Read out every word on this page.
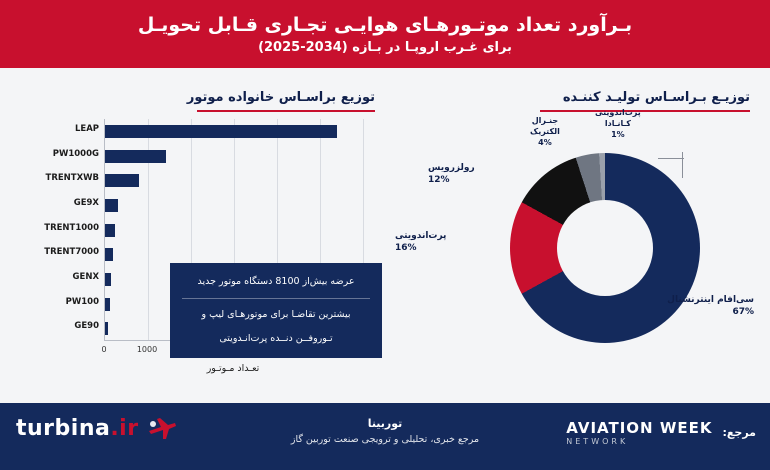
بـرآورد تعداد موتـورهـای هوایـی تجـاری قـابل تحویـل
برای غـرب اروپـا در بـازه (2034-2025)
توزیع براسـاس خانواده موتور	توزیـع بـراسـاس تولیـد کننـده
LEAP
PW1000G
TRENTXWB
GE9X
TRENT1000
TRENT7000
GENX
PW100
GE90
0	1000
تعـداد مـوتـور

عرضه بیش‌از 8100 دستگاه موتور جدید

بیشترین تقاضـا برای موتورهـای لیپ و

تـوروفــن دنــده پرت‌انـدویتی

سی‌افام اینترنشنال
67%
پرت‌اندویتی
16%
رولزرویس
12%
جنـرال
الکتریک
4%
پرت‌اندویتی
کـانـادا
1%
turbina.ir	توربینا
مرجع خبری، تحلیلی و ترویجی صنعت توربین گاز
مرجع:
AVIATION WEEK
NETWORK
